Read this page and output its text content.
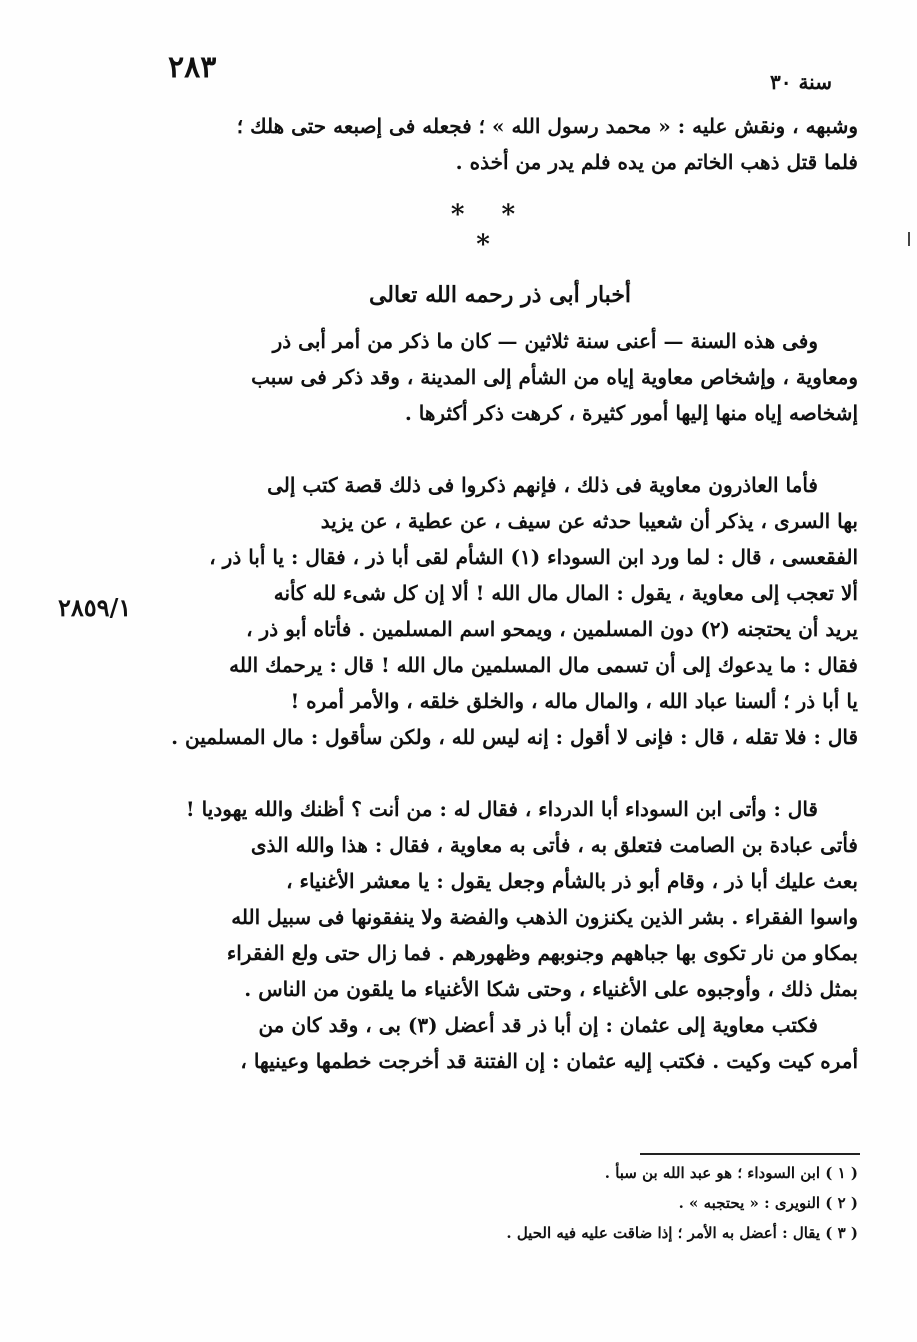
٢٨٣	سنة ٣٠
٢٨٥٩/١
وشبهه ، ونقش عليه : « محمد رسول الله » ؛ فجعله فى إصبعه حتى هلك ؛
فلما قتل ذهب الخاتم من يده فلم يدر من أخذه .
* * *
أخبار أبى ذر رحمه الله تعالى
وفى هذه السنة — أعنى سنة ثلاثين — كان ما ذكر من أمر أبى ذر
ومعاوية ، وإشخاص معاوية إياه من الشأم إلى المدينة ، وقد ذكر فى سبب
إشخاصه إياه منها إليها أمور كثيرة ، كرهت ذكر أكثرها .
فأما العاذرون معاوية فى ذلك ، فإنهم ذكروا فى ذلك قصة كتب إلى
بها السرى ، يذكر أن شعيبا حدثه عن سيف ، عن عطية ، عن يزيد
الفقعسى ، قال : لما ورد ابن السوداء (١) الشأم لقى أبا ذر ، فقال : يا أبا ذر ،
ألا تعجب إلى معاوية ، يقول : المال مال الله ! ألا إن كل شىء لله كأنه
يريد أن يحتجنه (٢) دون المسلمين ، ويمحو اسم المسلمين . فأتاه أبو ذر ،
فقال : ما يدعوك إلى أن تسمى مال المسلمين مال الله ! قال : يرحمك الله
يا أبا ذر ؛ ألسنا عباد الله ، والمال ماله ، والخلق خلقه ، والأمر أمره !
قال : فلا تقله ، قال : فإنى لا أقول : إنه ليس لله ، ولكن سأقول : مال المسلمين .
قال : وأتى ابن السوداء أبا الدرداء ، فقال له : من أنت ؟ أظنك والله يهوديا !
فأتى عبادة بن الصامت فتعلق به ، فأتى به معاوية ، فقال : هذا والله الذى
بعث عليك أبا ذر ، وقام أبو ذر بالشأم وجعل يقول : يا معشر الأغنياء ،
واسوا الفقراء . بشر الذين يكنزون الذهب والفضة ولا ينفقونها فى سبيل الله
بمكاو من نار تكوى بها جباههم وجنوبهم وظهورهم . فما زال حتى ولع الفقراء
بمثل ذلك ، وأوجبوه على الأغنياء ، وحتى شكا الأغنياء ما يلقون من الناس .
فكتب معاوية إلى عثمان : إن أبا ذر قد أعضل (٣) بى ، وقد كان من
أمره كيت وكيت . فكتب إليه عثمان : إن الفتنة قد أخرجت خطمها وعينيها ،
( ١ ) ابن السوداء ؛ هو عبد الله بن سبأ .
( ٢ ) النويرى : « يحتجبه » .
( ٣ ) يقال : أعضل به الأمر ؛ إذا ضاقت عليه فيه الحيل .
